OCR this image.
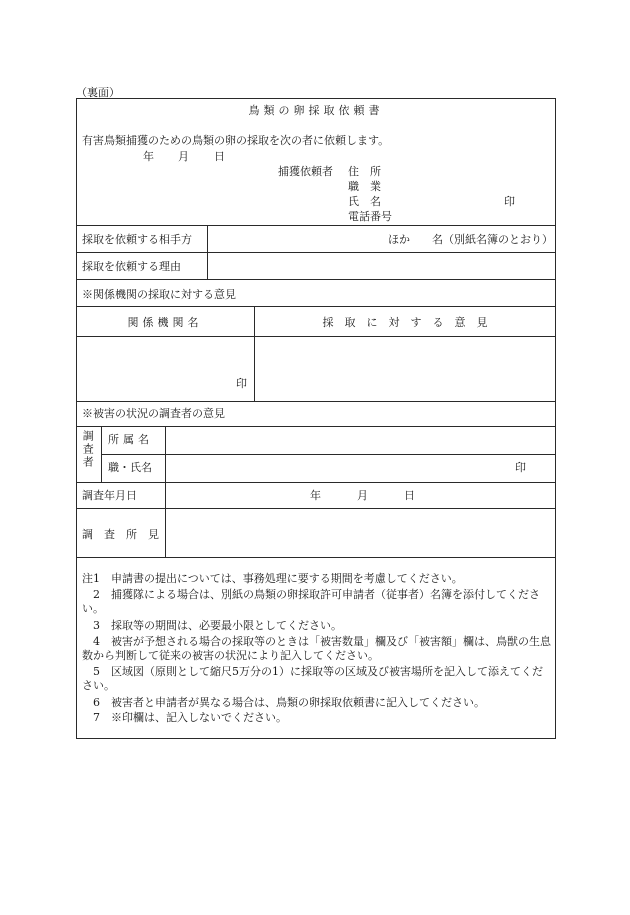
（裏面）
鳥類の卵採取依頼書
有害鳥類捕獲のための鳥類の卵の採取を次の者に依頼します。
年 月 日
捕獲依頼者 住　所
職　業
氏　名	印
電話番号
採取を依頼する相手方	ほか　　名（別紙名簿のとおり）
採取を依頼する理由
※関係機関の採取に対する意見
関係機関名	採　取　に　対　す　る　意　見
印
※被害の状況の調査者の意見
調査者 所属名
職・氏名	印
調査年月日	年	月	日
調　査　所　見
注1　申請書の提出については、事務処理に要する期間を考慮してください。
　2　捕獲隊による場合は、別紙の鳥類の卵採取許可申請者（従事者）名簿を添付してください。
　3　採取等の期間は、必要最小限としてください。
　4　被害が予想される場合の採取等のときは「被害数量」欄及び「被害額」欄は、鳥獣の生息数から判断して従来の被害の状況により記入してください。
　5　区域図（原則として縮尺5万分の1）に採取等の区域及び被害場所を記入して添えてください。
　6　被害者と申請者が異なる場合は、鳥類の卵採取依頼書に記入してください。
　7　※印欄は、記入しないでください。
